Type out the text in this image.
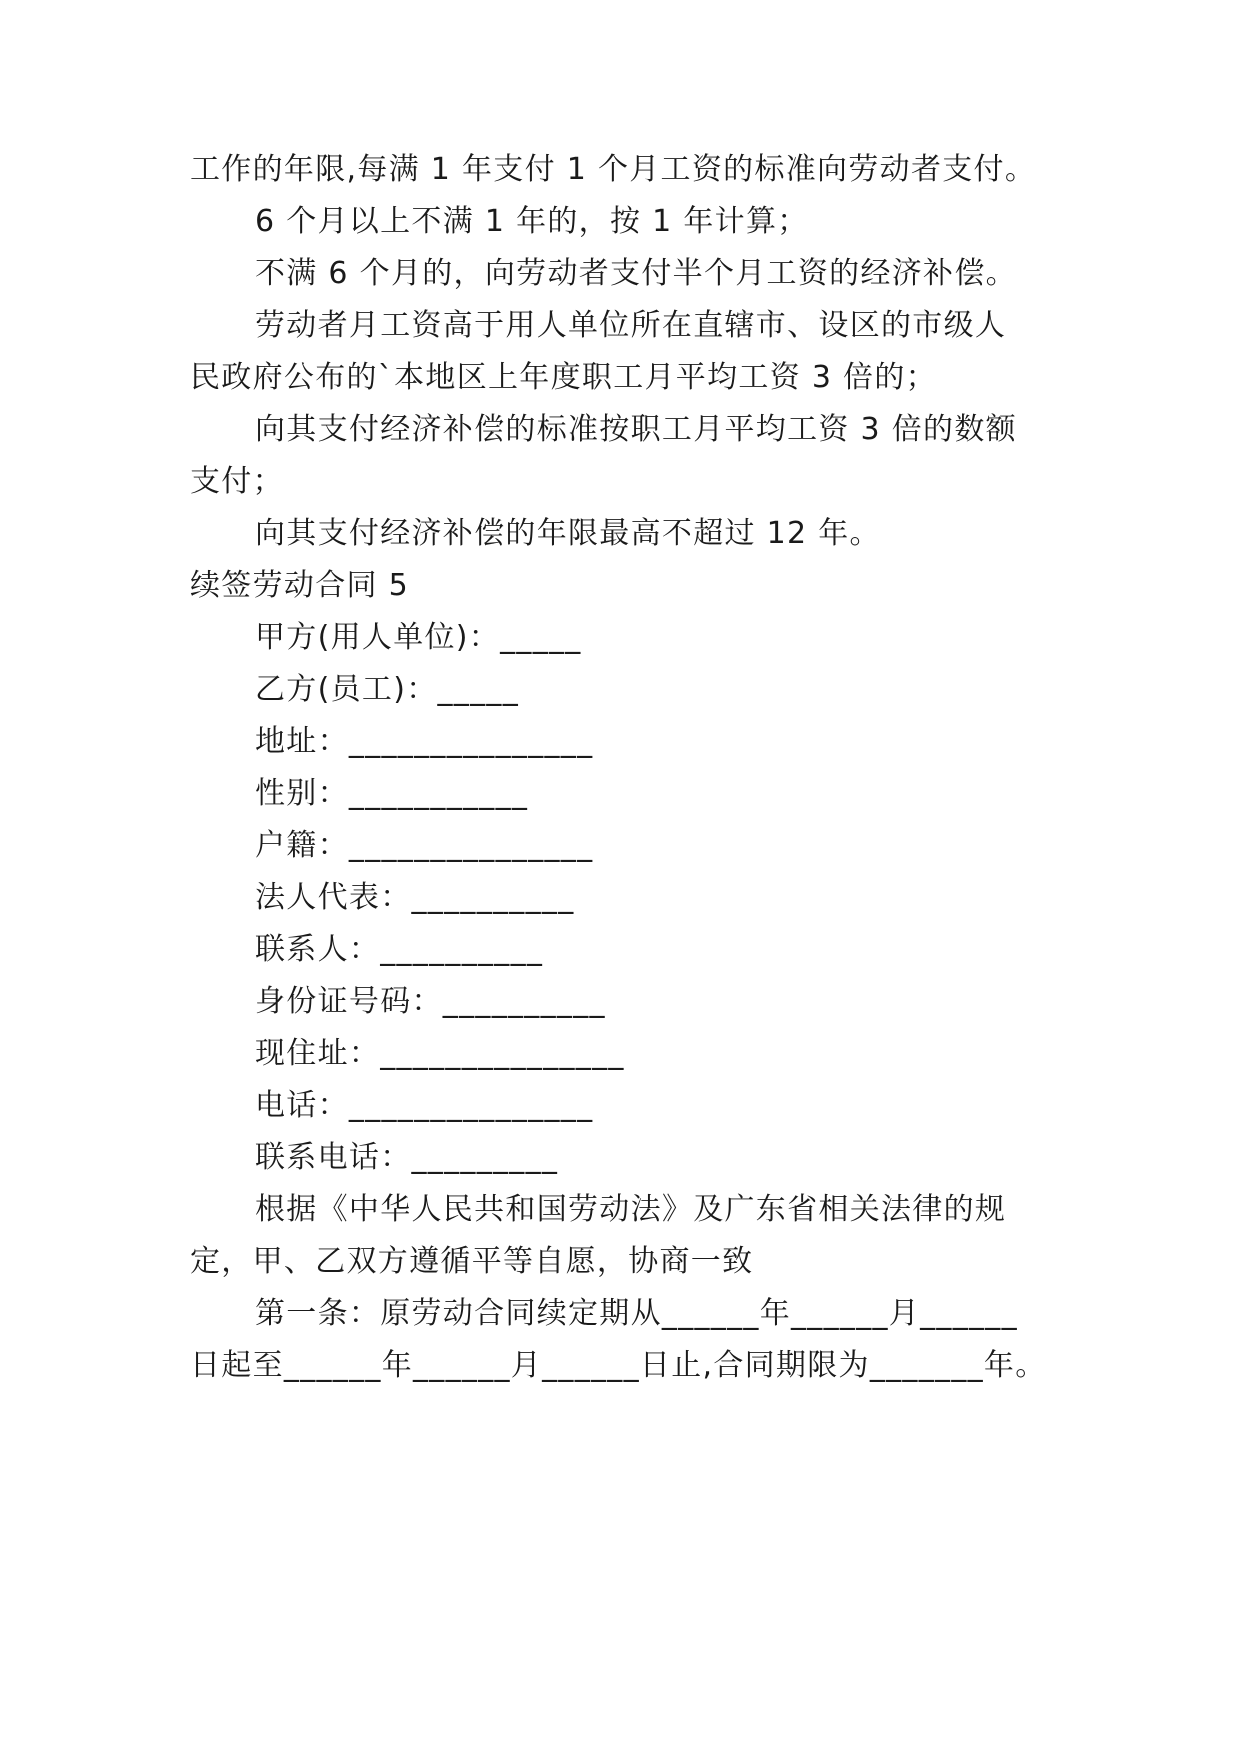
工作的年限,每满 1 年支付 1 个月工资的标准向劳动者支付。
6 个月以上不满 1 年的，按 1 年计算；
不满 6 个月的，向劳动者支付半个月工资的经济补偿。
劳动者月工资高于用人单位所在直辖市、设区的市级人
民政府公布的`本地区上年度职工月平均工资 3 倍的；
向其支付经济补偿的标准按职工月平均工资 3 倍的数额
支付；
向其支付经济补偿的年限最高不超过 12 年。
续签劳动合同 5
甲方(用人单位)：_____
乙方(员工)：_____
地址：_______________
性别：___________
户籍：_______________
法人代表：__________
联系人：__________
身份证号码：__________
现住址：_______________
电话：_______________
联系电话：_________
根据《中华人民共和国劳动法》及广东省相关法律的规
定，甲、乙双方遵循平等自愿，协商一致
第一条：原劳动合同续定期从______年______月______
日起至______年______月______日止,合同期限为_______年。
